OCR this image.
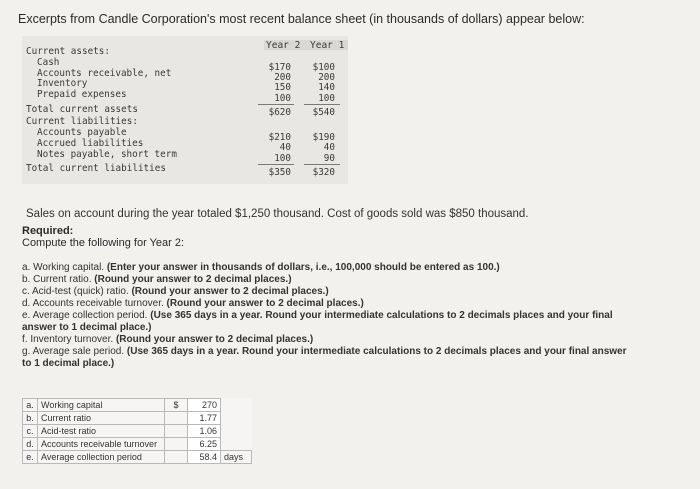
Excerpts from Candle Corporation's most recent balance sheet (in thousands of dollars) appear below:
Year 2 Year 1
Current assets:
Cash	$170	$100
Accounts receivable, net	200	200
Inventory	150	140
Prepaid expenses	100	100
Total current assets	$620	$540
Current liabilities:
Accounts payable	$210	$190
Accrued liabilities	40	40
Notes payable, short term	100	90
Total current liabilities	$350	$320
Sales on account during the year totaled $1,250 thousand. Cost of goods sold was $850 thousand.
Required:
Compute the following for Year 2:
a. Working capital. (Enter your answer in thousands of dollars, i.e., 100,000 should be entered as 100.)
b. Current ratio. (Round your answer to 2 decimal places.)
c. Acid-test (quick) ratio. (Round your answer to 2 decimal places.)
d. Accounts receivable turnover. (Round your answer to 2 decimal places.)
e. Average collection period. (Use 365 days in a year. Round your intermediate calculations to 2 decimals places and your final
answer to 1 decimal place.)
f. Inventory turnover. (Round your answer to 2 decimal places.)
g. Average sale period. (Use 365 days in a year. Round your intermediate calculations to 2 decimals places and your final answer
to 1 decimal place.)
a.	Working capital	$	270	
b.	Current ratio		1.77	
c.	Acid-test ratio		1.06	
d.	Accounts receivable turnover		6.25	
e.	Average collection period		58.4	days
